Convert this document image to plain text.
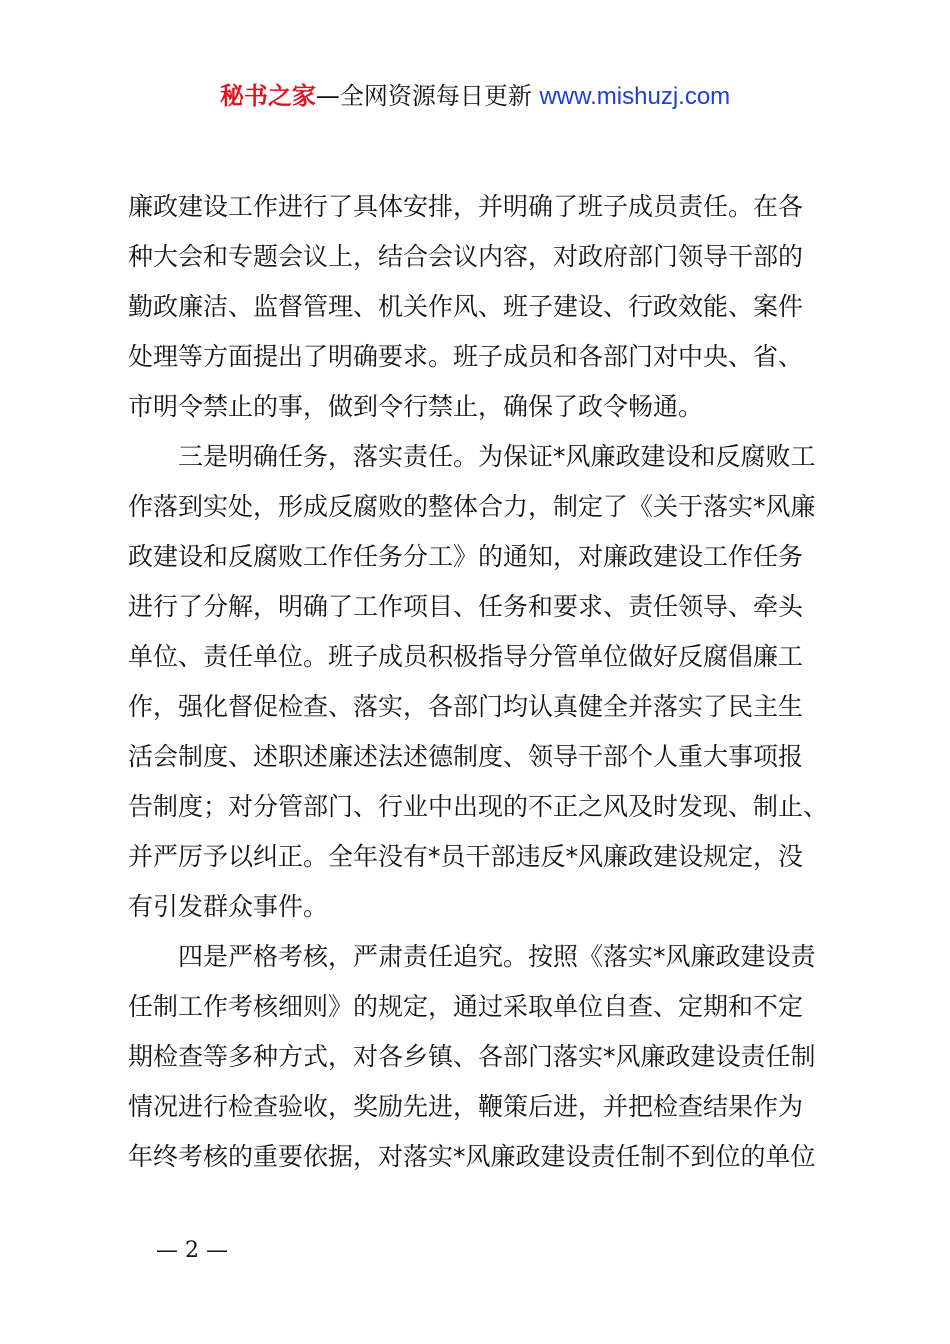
秘书之家—全网资源每日更新 www.mishuzj.com
廉政建设工作进行了具体安排，并明确了班子成员责任。在各
种大会和专题会议上，结合会议内容，对政府部门领导干部的
勤政廉洁、监督管理、机关作风、班子建设、行政效能、案件
处理等方面提出了明确要求。班子成员和各部门对中央、省、
市明令禁止的事，做到令行禁止，确保了政令畅通。
三是明确任务，落实责任。为保证*风廉政建设和反腐败工
作落到实处，形成反腐败的整体合力，制定了《关于落实*风廉
政建设和反腐败工作任务分工》的通知，对廉政建设工作任务
进行了分解，明确了工作项目、任务和要求、责任领导、牵头
单位、责任单位。班子成员积极指导分管单位做好反腐倡廉工
作，强化督促检查、落实，各部门均认真健全并落实了民主生
活会制度、述职述廉述法述德制度、领导干部个人重大事项报
告制度；对分管部门、行业中出现的不正之风及时发现、制止、
并严厉予以纠正。全年没有*员干部违反*风廉政建设规定，没
有引发群众事件。
四是严格考核，严肃责任追究。按照《落实*风廉政建设责
任制工作考核细则》的规定，通过采取单位自查、定期和不定
期检查等多种方式，对各乡镇、各部门落实*风廉政建设责任制
情况进行检查验收，奖励先进，鞭策后进，并把检查结果作为
年终考核的重要依据，对落实*风廉政建设责任制不到位的单位
— 2 —
